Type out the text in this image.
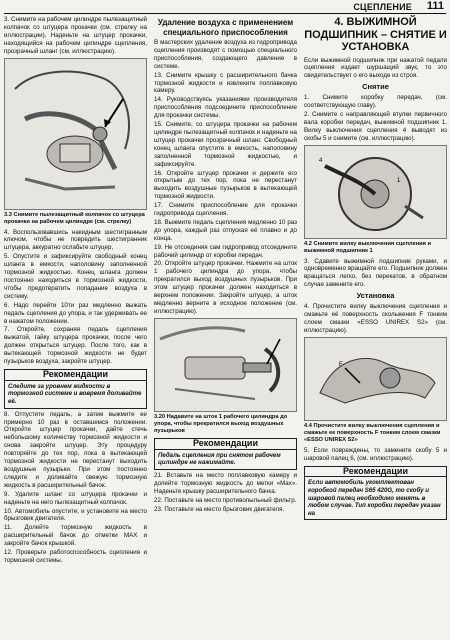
СЦЕПЛЕНИЕ 111

3. Снимите на рабочем цилиндре пылезащитный колпачок со штуцера прокачки (см. стрелку на иллюстрации). Наденьте на штуцер прокачки, находящийся на рабочем цилиндре сцепления, прозрачный шланг (см. иллюстрацию).

3.3 Снимите пылезащитный колпачок со штуцера прокачки на рабочем цилиндре (см. стрелку)

4. Воспользовавшись накидным шестигранным ключом, чтобы не повредить шестигранник штуцера, аккуратно ослабьте штуцер,

5. Опустите и зафиксируйте свободный конец шланга в емкости, наполовину заполненной тормозной жидкостью. Конец шланга должен постоянно находиться в тормозной жидкости, чтобы предотвратить попадание воздуха в систему.

6. Надо перейти 10ти раз медленно выжать педаль сцепления до упора, и так удерживать ее в нажатом положении.

7. Откройте, сохраняя педаль сцепления выжатой, гайку штуцера прокачки, после чего должен открыться штуцер. После того, как в вытекающей тормозной жидкости не будет пузырьков воздуха, закройте штуцер.

Рекомендации
Следите за уровнем жидкости в тормозной системе и вовремя доливайте её.

8. Отпустите педаль, а затем выжмите ее примерно 10 раз в оставшемся положении. Откройте штуцер прокачки, дайте стечь небольшому количеству тормозной жидкости и снова закройте штуцер. Эту процедуру повторяйте до тех пор, пока в вытекающей тормозной жидкости не перестанут выходить воздушные пузырьки. При этом постоянно следите и доливайте свежую тормозную жидкость в расширительный бачок.

9. Удалите шланг со штуцера прокачки и наденьте на него пылезащитный колпачок.

10. Автомобиль опустите, и установите на место брызговик двигателя.

11. Долейте тормозную жидкость в расширительный бачок до отметки MAX и закройте бачок крышкой.

12. Проверьте работоспособность сцепления и тормозной системы.

Удаление воздуха с применением специального приспособления

В мастерских удаление воздуха из гидропривода сцепления производят с помощью специального приспособления, создающего давление в системе.

13. Снимите крышку с расширительного бачка тормозной жидкости и извлеките поплавковую камеру.

14. Руководствуясь указаниями производителя приспособления подсоедините приспособление для прокачки системы.

15. Снимите, со штуцера прокачки на рабочем цилиндре пылезащитный колпачок и наденьте на штуцер прокачки прозрачный шланг. Свободный конец шланга опустите в емкость, наполовину заполненной тормозной жидкостью, и зафиксируйте.

16. Откройте штуцер прокачки и держите его открытым до тех пор, пока не перестанут выходить воздушные пузырьков в вытекающей тормозной жидкости.

17. Снимите приспособление для прокачки гидропривода сцепления.

18. Выжмите педаль сцепления медленно 10 раз до упора, каждый раз отпуская её плавно и до конца.

19. Не отсоединяя сам гидропривод отсоедините рабочий цилиндр от коробки передач.

20. Откройте штуцер прокачки. Нажмите на шток 1 рабочего цилиндра до упора, чтобы прекратился выход воздушных пузырьков. При этом штуцер прокачки должен находиться в верхнем положении. Закройте штуцер, а шток медленно верните в исходное положение (см. иллюстрацию).

3.20 Надавите на шток 1 рабочего цилиндра до упора, чтобы прекратился выход воздушных пузырьков
Рекомендации
Педаль сцепления при снятом рабочем цилиндре не нажимайте.

21. Вставьте на место поплавковую камеру и долейте тормозную жидкость до метки «Max». Наденьте крышку расширительного бачка.

22. Поставьте на место противопыльный фильтр.

23. Поставьте на место брызговик двигателя.

4. ВЫЖИМНОЙ ПОДШИПНИК – СНЯТИЕ И УСТАНОВКА

Если выжимной подшипник при нажатой педали сцепления издает шуршащий звук, то это свидетельствует о его выходе из строя.

Снятие

1. Снимите коробку передач, (см. соответствующую главу).

2. Снимите с направляющей втулки первичного вала коробки передач, выжимной подшипник 1. Вилку выключения сцепления 4 выводят из скобы 5 и снимите (см. иллюстрацию).

4
1
4.2 Снимите вилку выключения сцепления и выжимной подшипник 1

3. Сдавите выжимной подшипник руками, и одновременно вращайте его. Подшипник должен вращаться легко, без перекатов, в обратном случае замените его.

Установка

4. Прочистите вилку выключения сцепления и смажьте её поверхность скольжения F тонким слоем смазки «ESSO UNIREX S2» (см. иллюстрацию).

F
4.4 Прочистите вилку выключения сцепления и смажьте ее поверхность F тонким слоем смазки «ESSO UNIREX S2»

5. Если повреждены, то замените скобу 5 и шаровой палец 6, (см. иллюстрацию).

Рекомендации
Если автомобиль укомплектован коробкой передач S65 420G, то скобу и шаровой палец необходимо менять в любом случае. Тип коробки передач указан на
